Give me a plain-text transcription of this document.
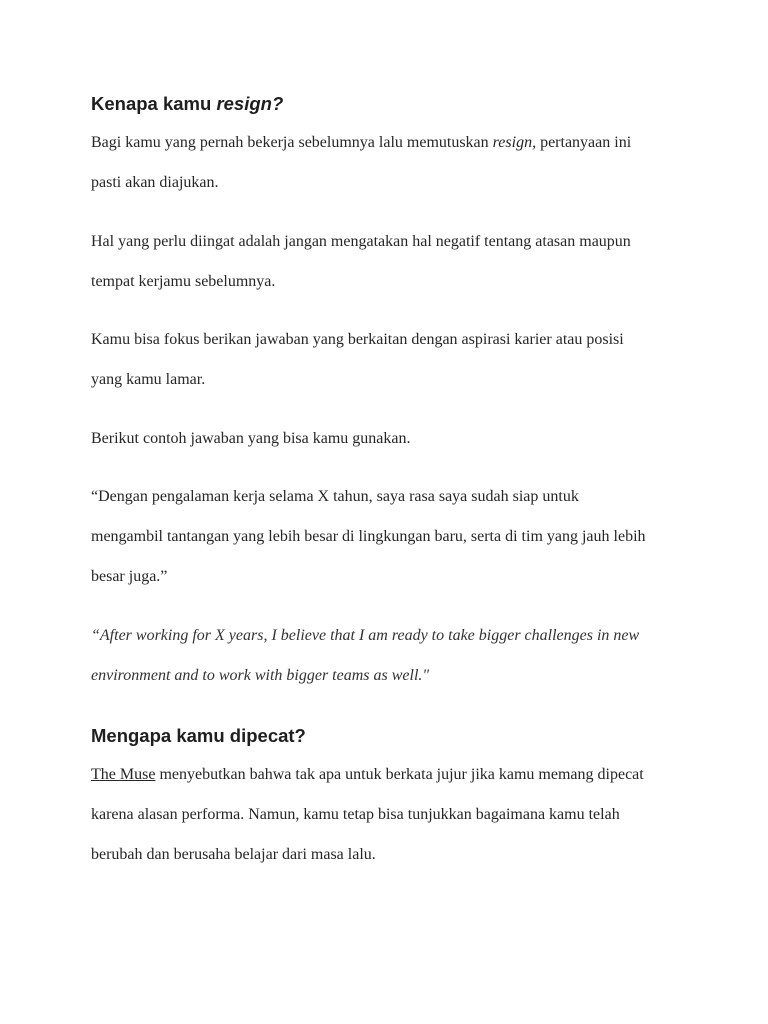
Kenapa kamu resign?

Bagi kamu yang pernah bekerja sebelumnya lalu memutuskan resign, pertanyaan ini

pasti akan diajukan.

Hal yang perlu diingat adalah jangan mengatakan hal negatif tentang atasan maupun

tempat kerjamu sebelumnya.

Kamu bisa fokus berikan jawaban yang berkaitan dengan aspirasi karier atau posisi

yang kamu lamar.

Berikut contoh jawaban yang bisa kamu gunakan.

“Dengan pengalaman kerja selama X tahun, saya rasa saya sudah siap untuk

mengambil tantangan yang lebih besar di lingkungan baru, serta di tim yang jauh lebih

besar juga.”

“After working for X years, I believe that I am ready to take bigger challenges in new

environment and to work with bigger teams as well."

Mengapa kamu dipecat?

The Muse menyebutkan bahwa tak apa untuk berkata jujur jika kamu memang dipecat

karena alasan performa. Namun, kamu tetap bisa tunjukkan bagaimana kamu telah

berubah dan berusaha belajar dari masa lalu.
